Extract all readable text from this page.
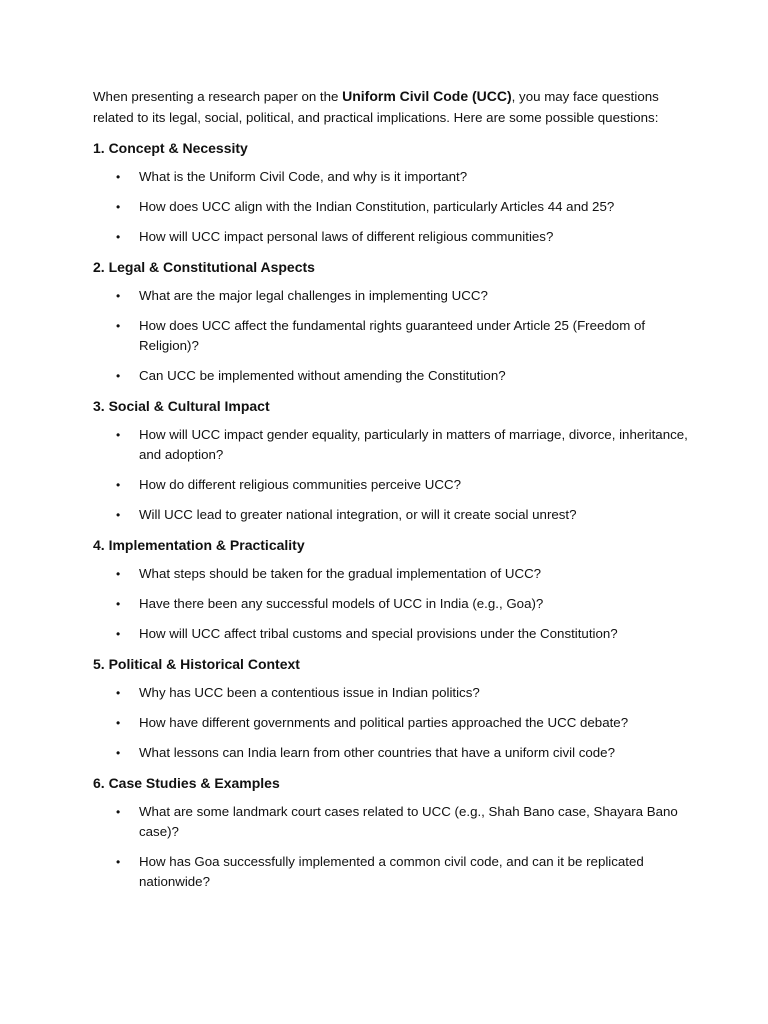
When presenting a research paper on the Uniform Civil Code (UCC), you may face questions related to its legal, social, political, and practical implications. Here are some possible questions:

1. Concept & Necessity
• What is the Uniform Civil Code, and why is it important?
• How does UCC align with the Indian Constitution, particularly Articles 44 and 25?
• How will UCC impact personal laws of different religious communities?
2. Legal & Constitutional Aspects
• What are the major legal challenges in implementing UCC?
• How does UCC affect the fundamental rights guaranteed under Article 25 (Freedom of Religion)?
• Can UCC be implemented without amending the Constitution?
3. Social & Cultural Impact
• How will UCC impact gender equality, particularly in matters of marriage, divorce, inheritance, and adoption?
• How do different religious communities perceive UCC?
• Will UCC lead to greater national integration, or will it create social unrest?
4. Implementation & Practicality
• What steps should be taken for the gradual implementation of UCC?
• Have there been any successful models of UCC in India (e.g., Goa)?
• How will UCC affect tribal customs and special provisions under the Constitution?
5. Political & Historical Context
• Why has UCC been a contentious issue in Indian politics?
• How have different governments and political parties approached the UCC debate?
• What lessons can India learn from other countries that have a uniform civil code?
6. Case Studies & Examples
• What are some landmark court cases related to UCC (e.g., Shah Bano case, Shayara Bano case)?
• How has Goa successfully implemented a common civil code, and can it be replicated nationwide?
